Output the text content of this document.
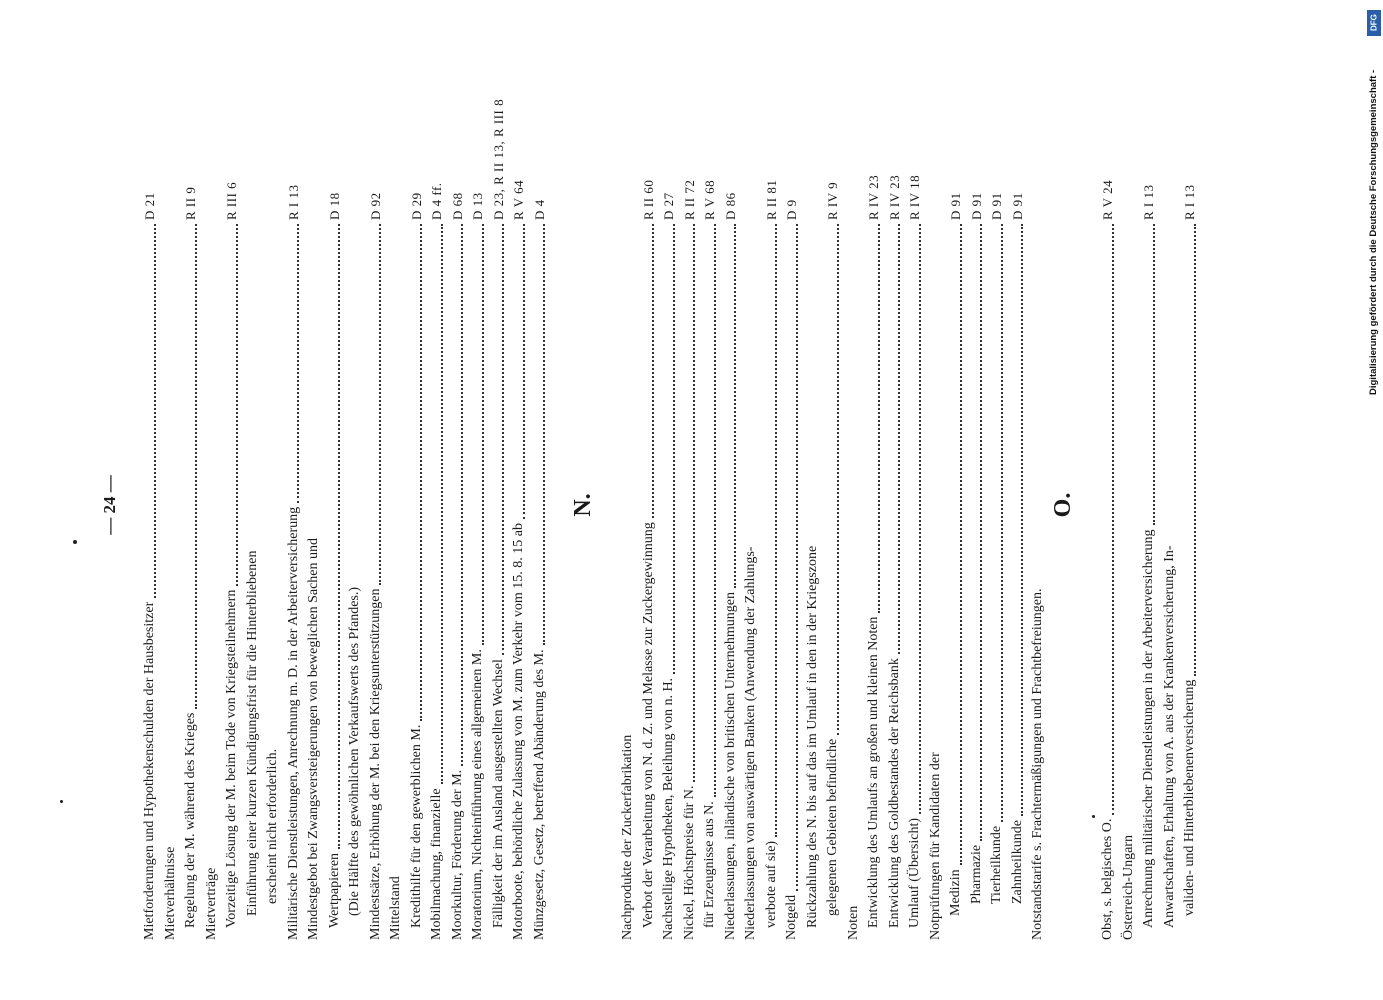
— 24 —
Mietforderungen und Hypothekenschulden der Hausbesitzer
D 21
Mietverhältnisse Regelung der M. während des Krieges
R II 9
Mietverträge Vorzeitige Lösung der M. beim Tode von Kriegsteilnehmern
R III 6
Einführung einer kurzen Kündigungsfrist für die Hinterbliebenen erscheint nicht erforderlich. Militärische Dienstleistungen, Anrechnung m. D. in der Arbeiterversicherung
R I 13
Mindestgebot bei Zwangsversteigerungen von beweglichen Sachen und Wertpapieren
D 18
(Die Hälfte des gewöhnlichen Verkaufswerts des Pfandes.) Mindestsätze, Erhöhung der M. bei den Kriegsunterstützungen
D 92
Mittelstand Kredithilfe für den gewerblichen M.
D 29
Mobilmachung, finanzielle
D 4 ff.
Moorkultur, Förderung der M.
D 68
Moratorium, Nichteinführung eines allgemeinen M.
D 13
Fälligkeit der im Ausland ausgestellten Wechsel
D 23, R II 13, R III 8
Motorboote, behördliche Zulassung von M. zum Verkehr vom 15. 8. 15 ab
R V 64
Münzgesetz, Gesetz, betreffend Abänderung des M.
D 4
N.
Nachprodukte der Zuckerfabrikation Verbot der Verarbeitung von N. d. Z. und Melasse zur Zuckergewinnung
R II 60
Nachstellige Hypotheken, Beleihung von n. H.
D 27
Nickel, Höchstpreise für N.
R II 72
für Erzeugnisse aus N.
R V 68
Niederlassungen, inländische von britischen Unternehmungen
D 86
Niederlassungen von auswärtigen Banken (Anwendung der Zahlungs- verbote auf sie)
R II 81
Notgeld
D 9
Rückzahlung des N. bis auf das im Umlauf in den in der Kriegszone gelegenen Gebieten befindliche
R IV 9
Noten Entwicklung des Umlaufs an großen und kleinen Noten
R IV 23
Entwicklung des Goldbestandes der Reichsbank
R IV 23
Umlauf (Übersicht)
R IV 18
Notprüfungen für Kandidaten der Medizin
D 91
Pharmazie
D 91
Tierheilkunde
D 91
Zahnheilkunde
D 91
Notstandstarife s. Frachtermäßigungen und Frachtbefreiungen.
O.
Obst, s. belgisches O.
R V 24
Österreich-Ungarn Anrechnung militärischer Dienstleistungen in der Arbeiterversicherung
R I 13
Anwartschaften, Erhaltung von A. aus der Krankenversicherung, In- validen- und Hinterbliebenenversicherung
R I 13	Digitalisierung gefördert durch die Deutsche Forschungsgemeinschaft -
DFG
